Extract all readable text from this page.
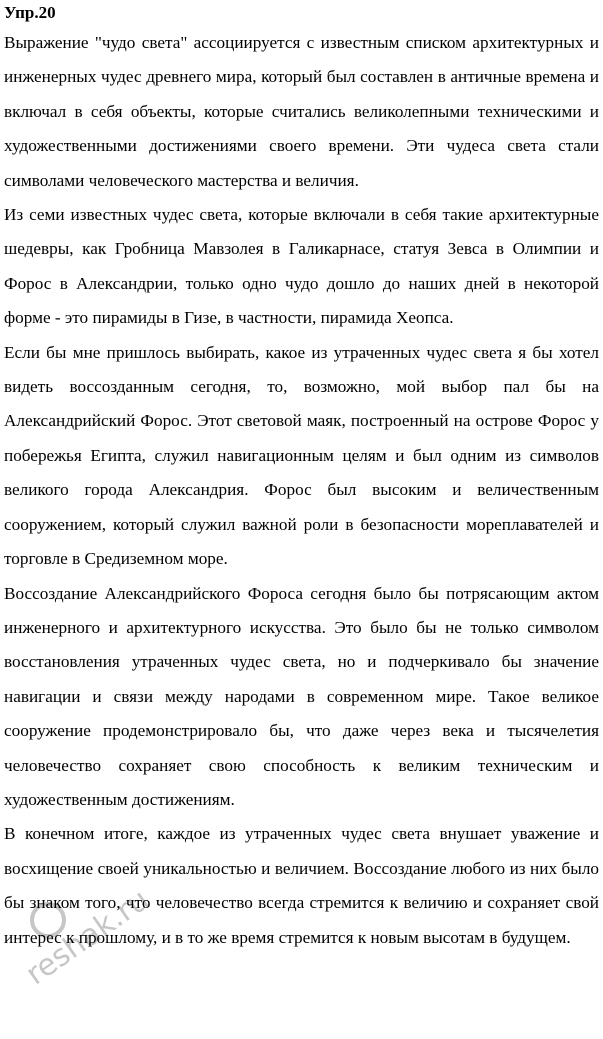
Упр.20

Выражение "чудо света" ассоциируется с известным списком архитектурных и инженерных чудес древнего мира, который был составлен в античные времена и включал в себя объекты, которые считались великолепными техническими и художественными достижениями своего времени. Эти чудеса света стали символами человеческого мастерства и величия.

Из семи известных чудес света, которые включали в себя такие архитектурные шедевры, как Гробница Мавзолея в Галикарнасе, статуя Зевса в Олимпии и Форос в Александрии, только одно чудо дошло до наших дней в некоторой форме - это пирамиды в Гизе, в частности, пирамида Хеопса.

Если бы мне пришлось выбирать, какое из утраченных чудес света я бы хотел видеть воссозданным сегодня, то, возможно, мой выбор пал бы на Александрийский Форос. Этот световой маяк, построенный на острове Форос у побережья Египта, служил навигационным целям и был одним из символов великого города Александрия. Форос был высоким и величественным сооружением, который служил важной роли в безопасности мореплавателей и торговле в Средиземном море.

Воссоздание Александрийского Фороса сегодня было бы потрясающим актом инженерного и архитектурного искусства. Это было бы не только символом восстановления утраченных чудес света, но и подчеркивало бы значение навигации и связи между народами в современном мире. Такое великое сооружение продемонстрировало бы, что даже через века и тысячелетия человечество сохраняет свою способность к великим техническим и художественным достижениям.

В конечном итоге, каждое из утраченных чудес света внушает уважение и восхищение своей уникальностью и величием. Воссоздание любого из них было бы знаком того, что человечество всегда стремится к величию и сохраняет свой интерес к прошлому, и в то же время стремится к новым высотам в будущем.

reshak.ru
